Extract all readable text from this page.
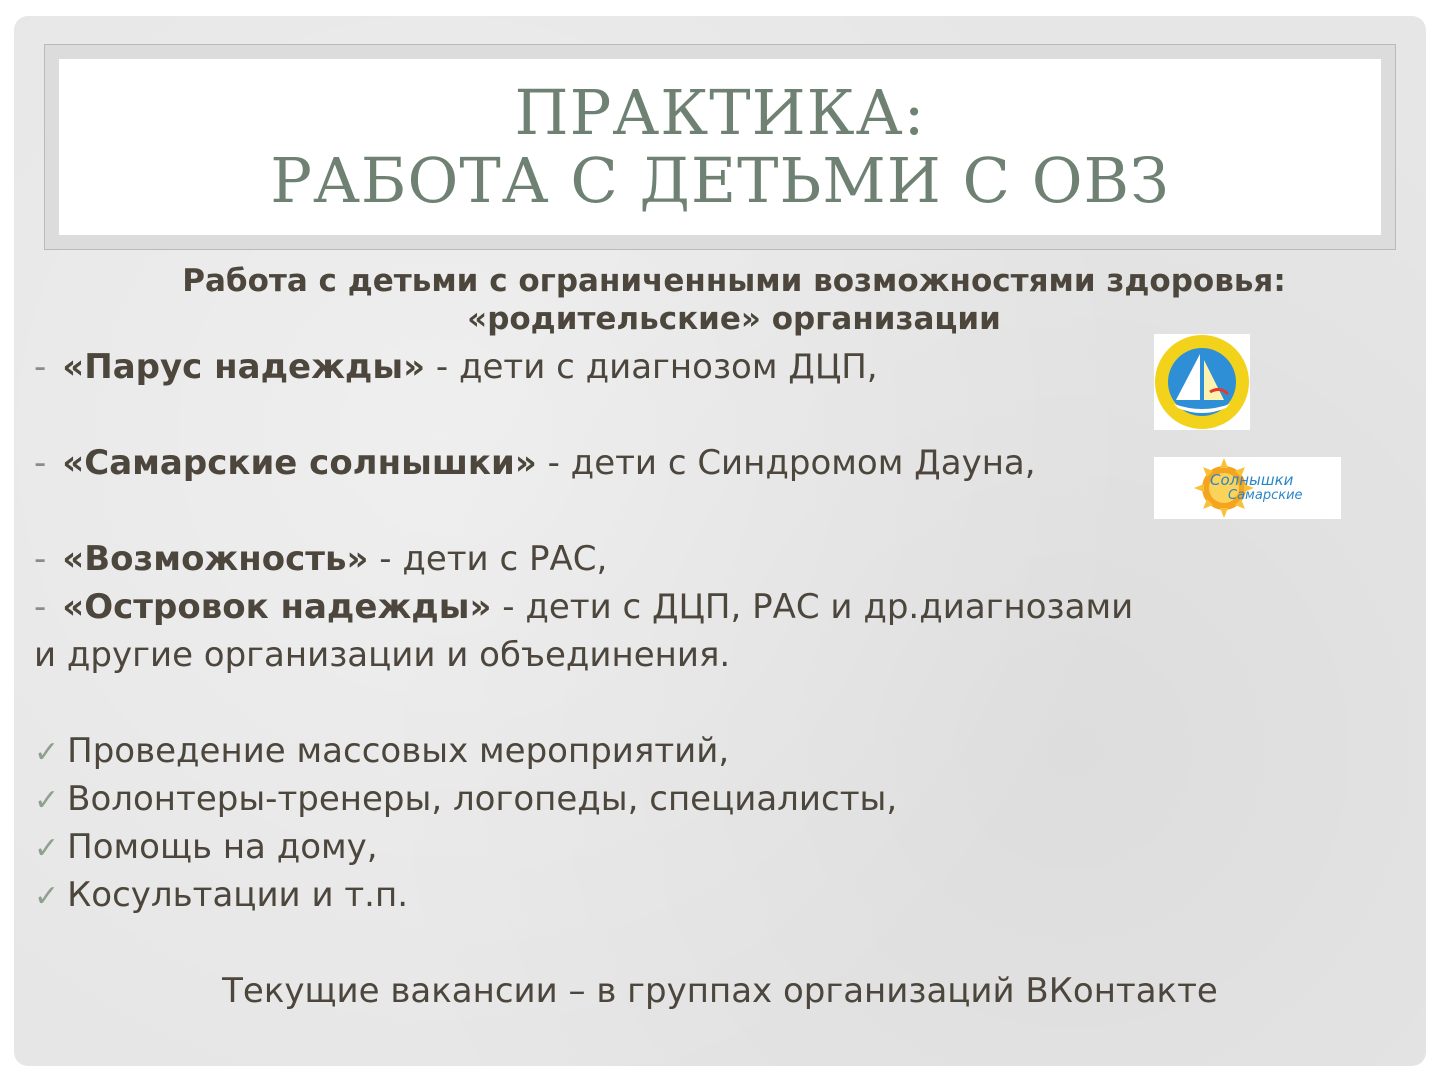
ПРАКТИКА:
РАБОТА С ДЕТЬМИ С ОВЗ
Работа с детьми с ограниченными возможностями здоровья:
«родительские» организации
- «Парус надежды» - дети с диагнозом ДЦП,
- «Самарские солнышки» - дети с Синдромом Дауна,
- «Возможность» - дети с РАС,
- «Островок надежды» - дети с ДЦП, РАС и др.диагнозами
и другие организации и объединения.
✓ Проведение массовых мероприятий,
✓ Волонтеры-тренеры, логопеды, специалисты,
✓ Помощь на дому,
✓ Косультации и т.п.
Текущие вакансии – в группах организаций ВКонтакте
Солнышки
Самарские
